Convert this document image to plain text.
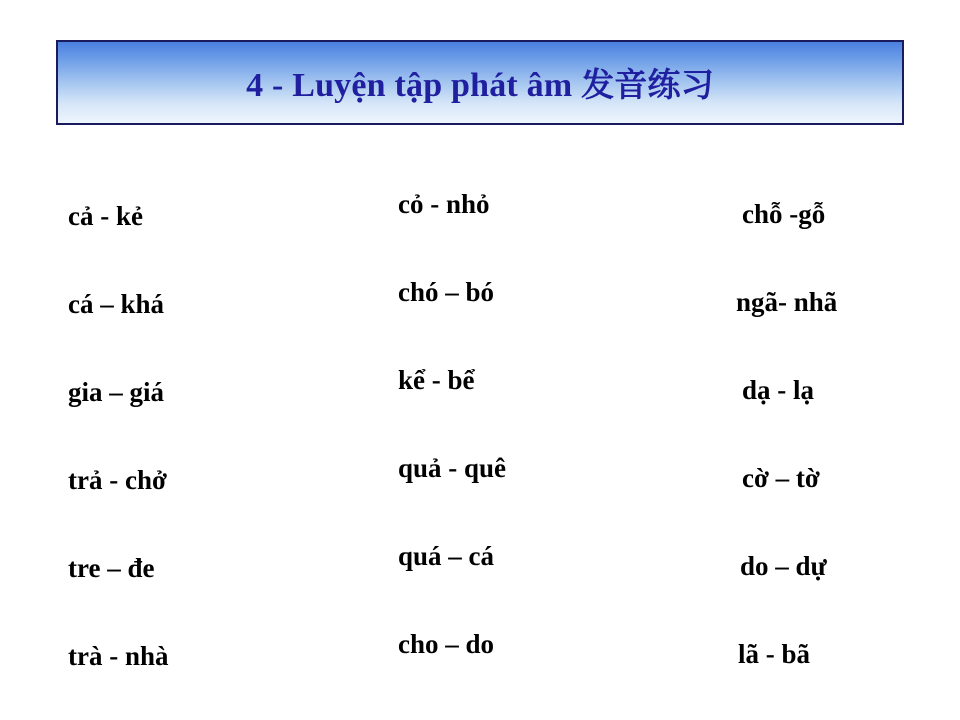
4 - Luyện tập phát âm 发音练习
cả - kẻ
cá – khá
gia – giá
trả - chở
tre – đe
trà - nhà
cỏ - nhỏ
chó – bó
kể - bể
quả - quê
quá – cá
cho – do
chỗ -gỗ
ngã- nhã
dạ - lạ
cờ – tờ
do – dự
lã - bã
